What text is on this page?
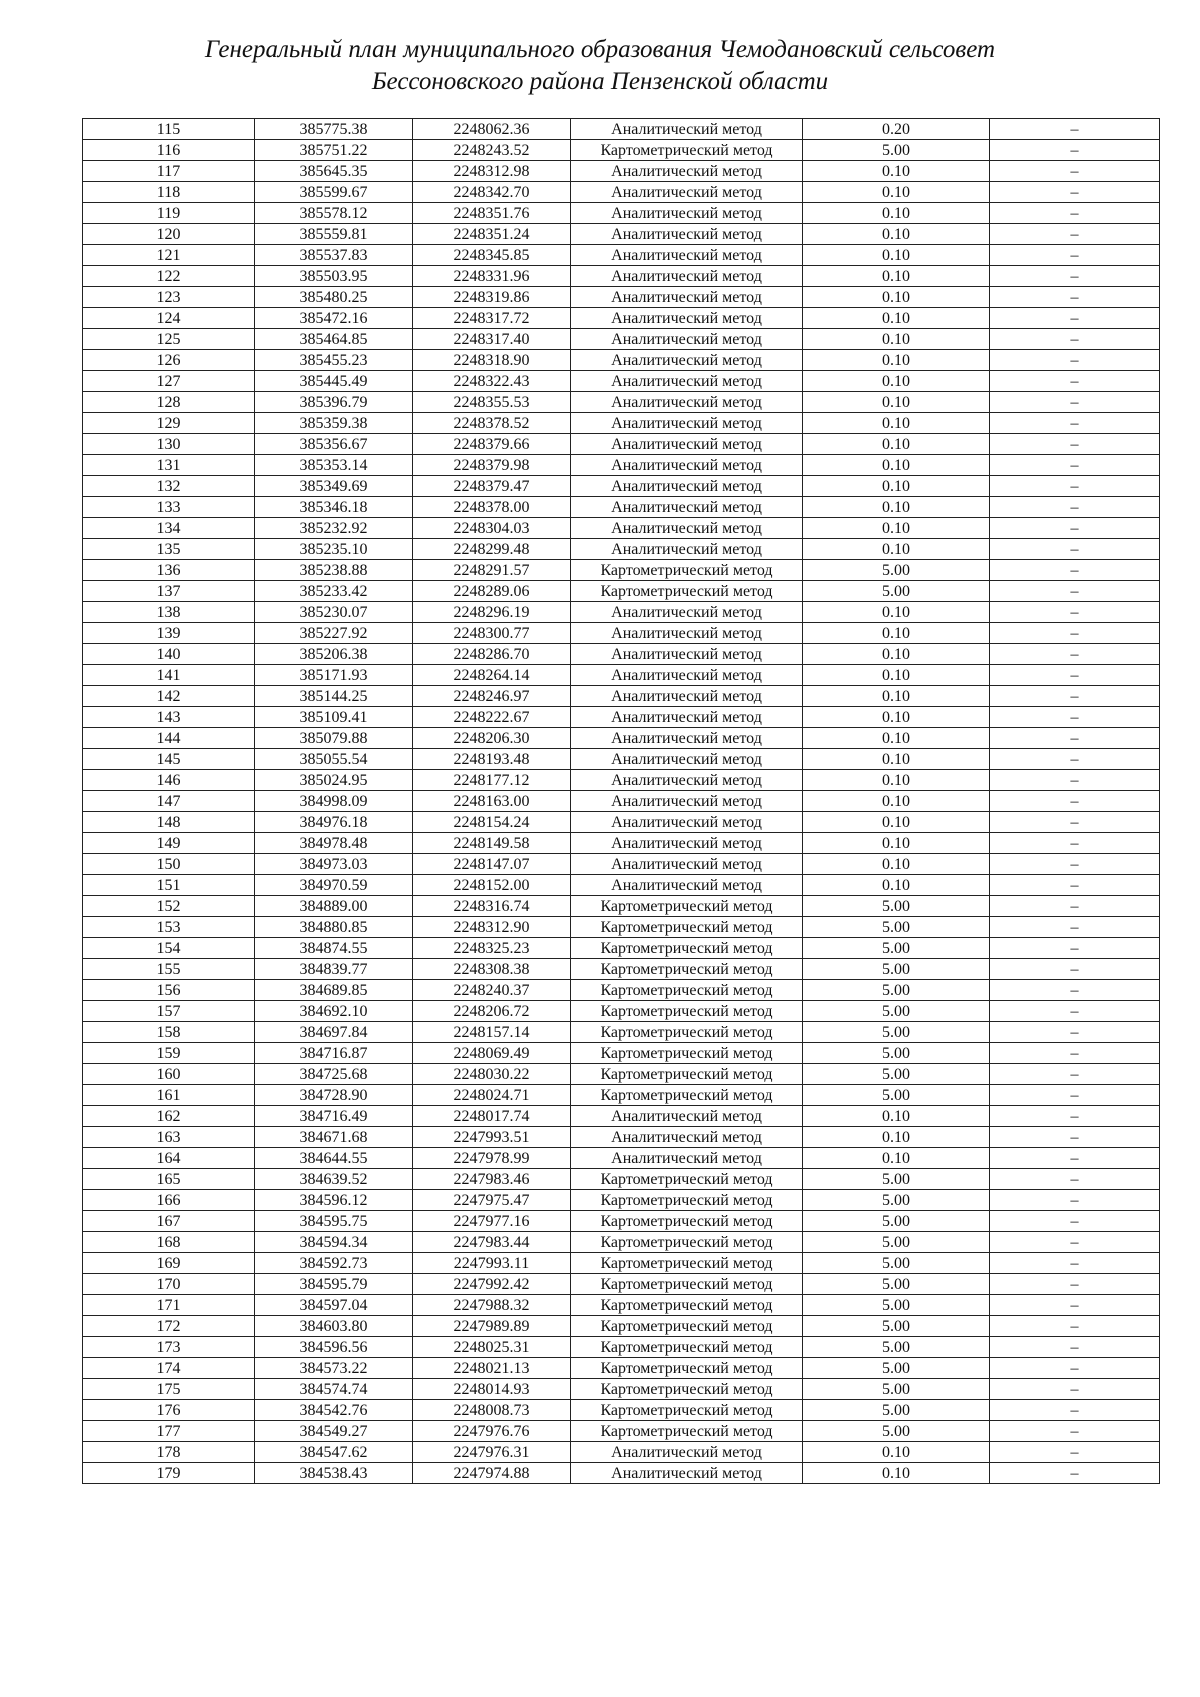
Генеральный план муниципального образования Чемодановский сельсовет
Бессоновского района Пензенской области
115	385775.38	2248062.36	Аналитический метод	0.20	–
116	385751.22	2248243.52	Картометрический метод	5.00	–
117	385645.35	2248312.98	Аналитический метод	0.10	–
118	385599.67	2248342.70	Аналитический метод	0.10	–
119	385578.12	2248351.76	Аналитический метод	0.10	–
120	385559.81	2248351.24	Аналитический метод	0.10	–
121	385537.83	2248345.85	Аналитический метод	0.10	–
122	385503.95	2248331.96	Аналитический метод	0.10	–
123	385480.25	2248319.86	Аналитический метод	0.10	–
124	385472.16	2248317.72	Аналитический метод	0.10	–
125	385464.85	2248317.40	Аналитический метод	0.10	–
126	385455.23	2248318.90	Аналитический метод	0.10	–
127	385445.49	2248322.43	Аналитический метод	0.10	–
128	385396.79	2248355.53	Аналитический метод	0.10	–
129	385359.38	2248378.52	Аналитический метод	0.10	–
130	385356.67	2248379.66	Аналитический метод	0.10	–
131	385353.14	2248379.98	Аналитический метод	0.10	–
132	385349.69	2248379.47	Аналитический метод	0.10	–
133	385346.18	2248378.00	Аналитический метод	0.10	–
134	385232.92	2248304.03	Аналитический метод	0.10	–
135	385235.10	2248299.48	Аналитический метод	0.10	–
136	385238.88	2248291.57	Картометрический метод	5.00	–
137	385233.42	2248289.06	Картометрический метод	5.00	–
138	385230.07	2248296.19	Аналитический метод	0.10	–
139	385227.92	2248300.77	Аналитический метод	0.10	–
140	385206.38	2248286.70	Аналитический метод	0.10	–
141	385171.93	2248264.14	Аналитический метод	0.10	–
142	385144.25	2248246.97	Аналитический метод	0.10	–
143	385109.41	2248222.67	Аналитический метод	0.10	–
144	385079.88	2248206.30	Аналитический метод	0.10	–
145	385055.54	2248193.48	Аналитический метод	0.10	–
146	385024.95	2248177.12	Аналитический метод	0.10	–
147	384998.09	2248163.00	Аналитический метод	0.10	–
148	384976.18	2248154.24	Аналитический метод	0.10	–
149	384978.48	2248149.58	Аналитический метод	0.10	–
150	384973.03	2248147.07	Аналитический метод	0.10	–
151	384970.59	2248152.00	Аналитический метод	0.10	–
152	384889.00	2248316.74	Картометрический метод	5.00	–
153	384880.85	2248312.90	Картометрический метод	5.00	–
154	384874.55	2248325.23	Картометрический метод	5.00	–
155	384839.77	2248308.38	Картометрический метод	5.00	–
156	384689.85	2248240.37	Картометрический метод	5.00	–
157	384692.10	2248206.72	Картометрический метод	5.00	–
158	384697.84	2248157.14	Картометрический метод	5.00	–
159	384716.87	2248069.49	Картометрический метод	5.00	–
160	384725.68	2248030.22	Картометрический метод	5.00	–
161	384728.90	2248024.71	Картометрический метод	5.00	–
162	384716.49	2248017.74	Аналитический метод	0.10	–
163	384671.68	2247993.51	Аналитический метод	0.10	–
164	384644.55	2247978.99	Аналитический метод	0.10	–
165	384639.52	2247983.46	Картометрический метод	5.00	–
166	384596.12	2247975.47	Картометрический метод	5.00	–
167	384595.75	2247977.16	Картометрический метод	5.00	–
168	384594.34	2247983.44	Картометрический метод	5.00	–
169	384592.73	2247993.11	Картометрический метод	5.00	–
170	384595.79	2247992.42	Картометрический метод	5.00	–
171	384597.04	2247988.32	Картометрический метод	5.00	–
172	384603.80	2247989.89	Картометрический метод	5.00	–
173	384596.56	2248025.31	Картометрический метод	5.00	–
174	384573.22	2248021.13	Картометрический метод	5.00	–
175	384574.74	2248014.93	Картометрический метод	5.00	–
176	384542.76	2248008.73	Картометрический метод	5.00	–
177	384549.27	2247976.76	Картометрический метод	5.00	–
178	384547.62	2247976.31	Аналитический метод	0.10	–
179	384538.43	2247974.88	Аналитический метод	0.10	–
